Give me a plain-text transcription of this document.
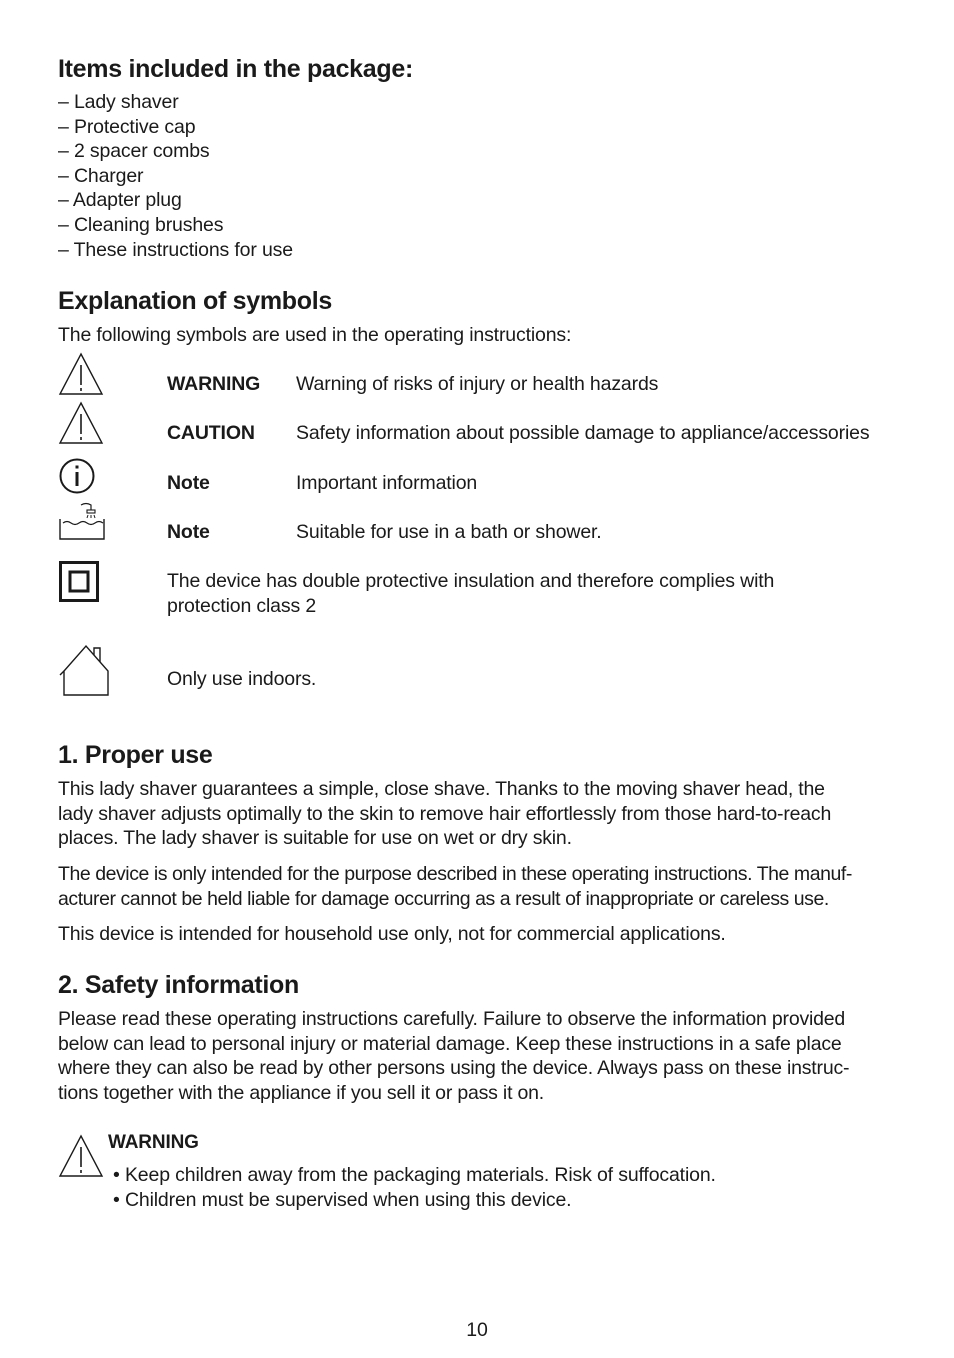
Items included in the package:
– Lady shaver
– Protective cap
– 2 spacer combs
– Charger
– Adapter plug
– Cleaning brushes
– These instructions for use
Explanation of symbols
The following symbols are used in the operating instructions:
WARNING Warning of risks of injury or health hazards
CAUTION Safety information about possible damage to appliance/accessories
Note	Important information
Note	Suitable for use in a bath or shower.
The device has double protective insulation and therefore complies with
protection class 2
Only use indoors.
1. Proper use
This lady shaver guarantees a simple, close shave. Thanks to the moving shaver head, the
lady shaver adjusts optimally to the skin to remove hair effortlessly from those hard-to-reach
places. The lady shaver is suitable for use on wet or dry skin.
The device is only intended for the purpose described in these operating instructions. The manuf-
acturer cannot be held liable for damage occurring as a result of inappropriate or careless use.
This device is intended for household use only, not for commercial applications.
2. Safety information
Please read these operating instructions carefully. Failure to observe the information provided
below can lead to personal injury or material damage. Keep these instructions in a safe place
where they can also be read by other persons using the device. Always pass on these instruc-
tions together with the appliance if you sell it or pass it on.
WARNING
• Keep children away from the packaging materials. Risk of suffocation.
• Children must be supervised when using this device.
10
